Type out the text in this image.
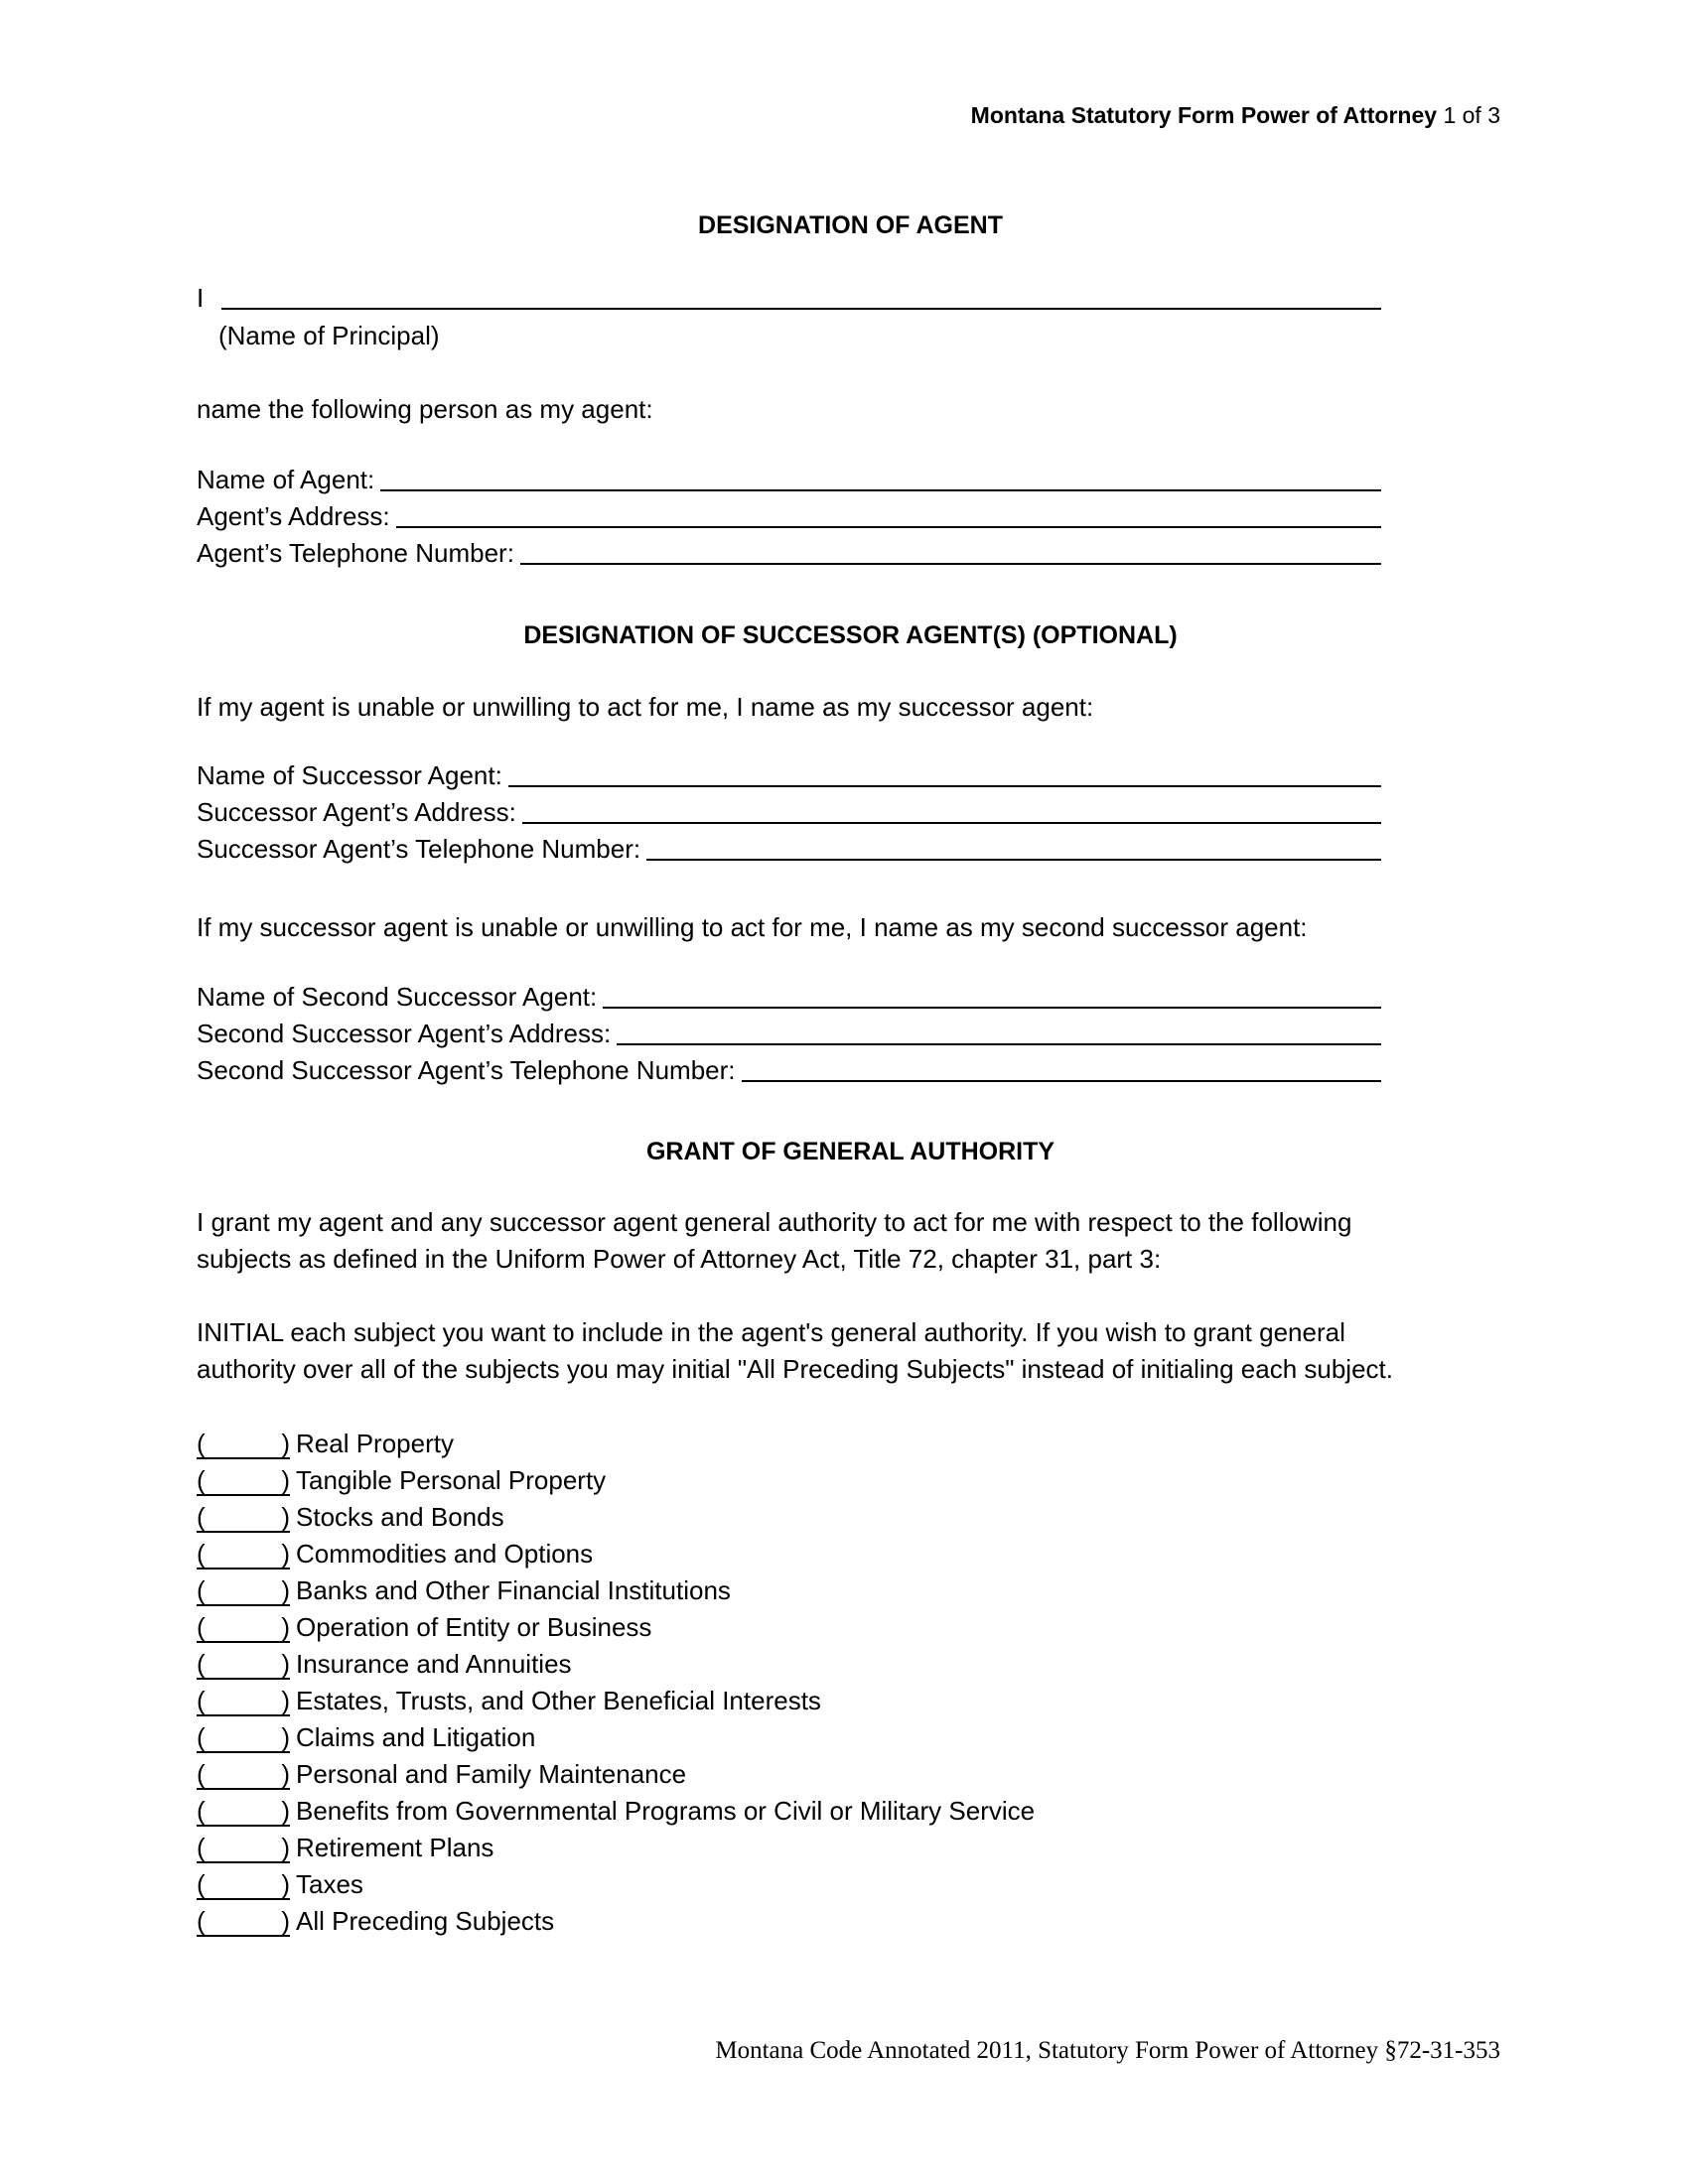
Montana Statutory Form Power of Attorney 1 of 3
DESIGNATION OF AGENT
I
(Name of Principal)
name the following person as my agent:
Name of Agent:
Agent’s Address:
Agent’s Telephone Number:
DESIGNATION OF SUCCESSOR AGENT(S) (OPTIONAL)
If my agent is unable or unwilling to act for me, I name as my successor agent:
Name of Successor Agent:
Successor Agent’s Address:
Successor Agent’s Telephone Number:
If my successor agent is unable or unwilling to act for me, I name as my second successor agent:
Name of Second Successor Agent:
Second Successor Agent’s Address:
Second Successor Agent’s Telephone Number:
GRANT OF GENERAL AUTHORITY
I grant my agent and any successor agent general authority to act for me with respect to the following
subjects as defined in the Uniform Power of Attorney Act, Title 72, chapter 31, part 3:
INITIAL each subject you want to include in the agent's general authority. If you wish to grant general
authority over all of the subjects you may initial "All Preceding Subjects" instead of initialing each subject.
(	) Real Property
(	) Tangible Personal Property
(	) Stocks and Bonds
(	) Commodities and Options
(	) Banks and Other Financial Institutions
(	) Operation of Entity or Business
(	) Insurance and Annuities
(	) Estates, Trusts, and Other Beneficial Interests
(	) Claims and Litigation
(	) Personal and Family Maintenance
(	) Benefits from Governmental Programs or Civil or Military Service
(	) Retirement Plans
(	) Taxes
(	) All Preceding Subjects
Montana Code Annotated 2011, Statutory Form Power of Attorney §72-31-353
